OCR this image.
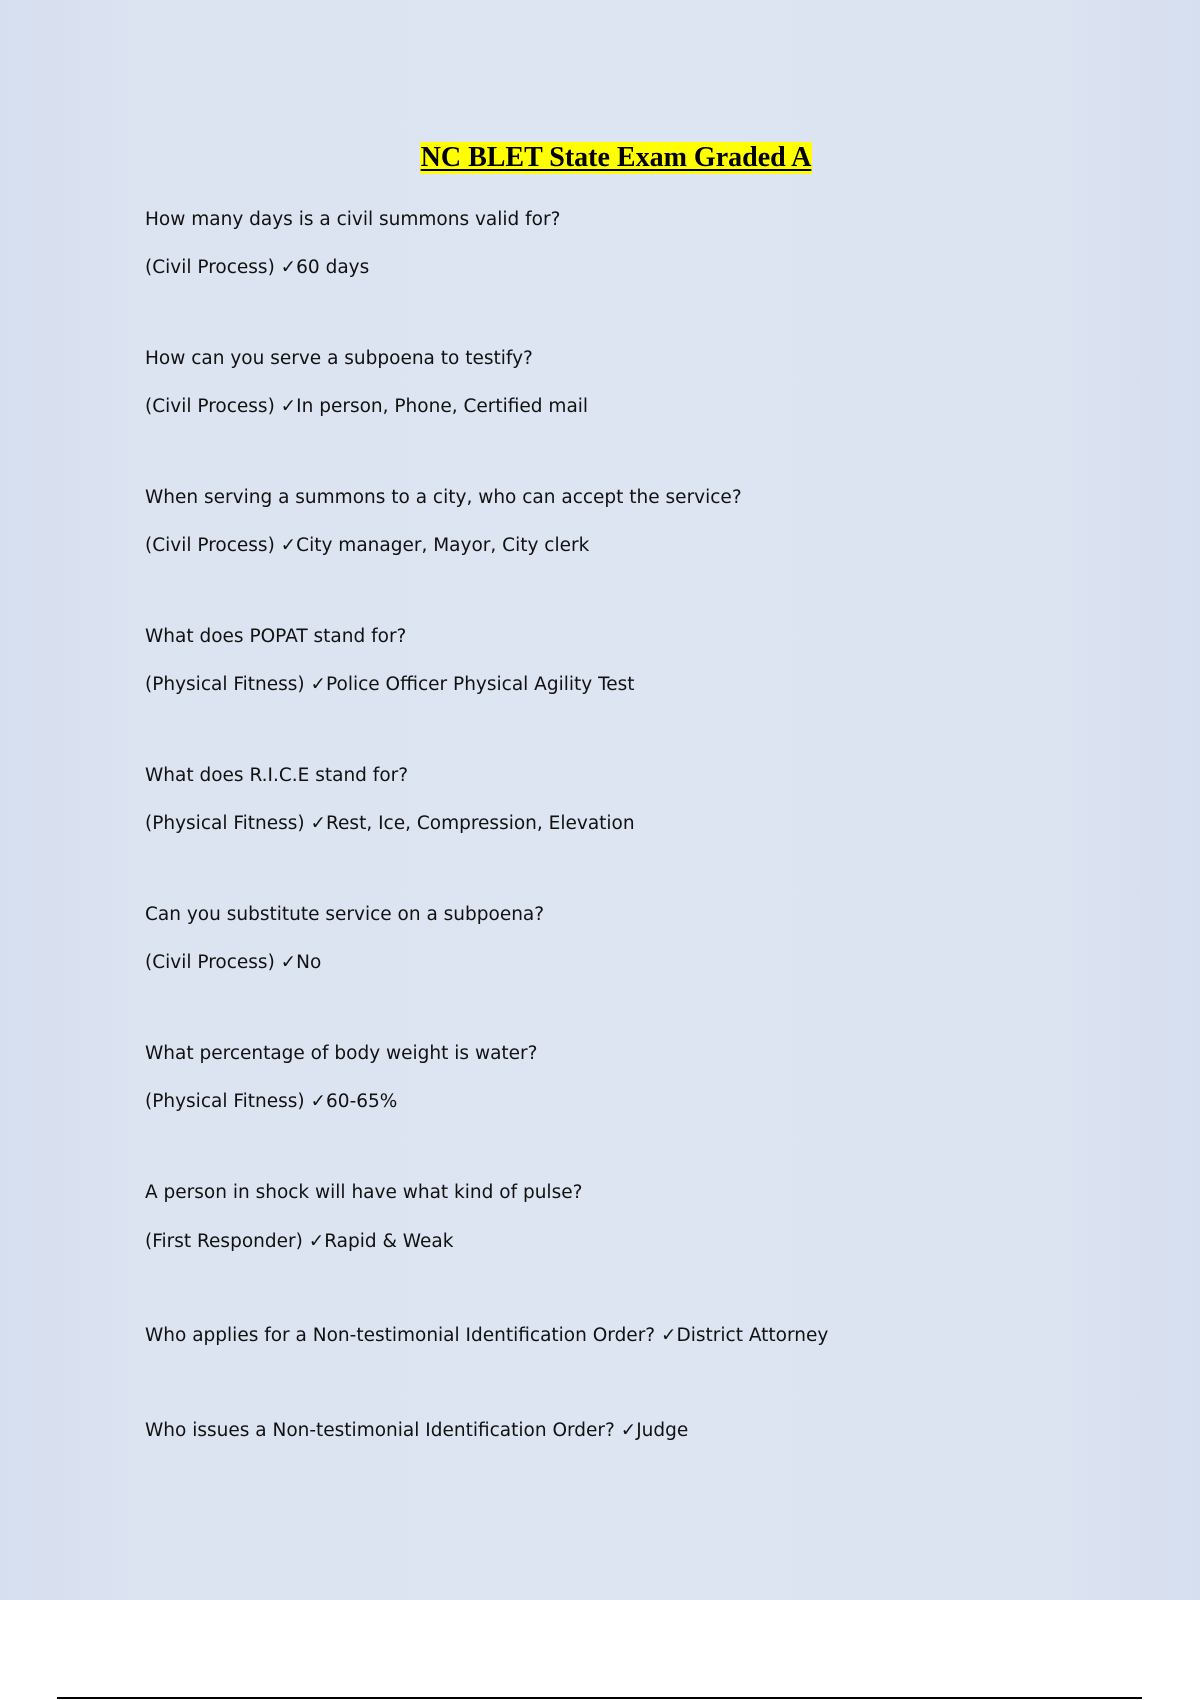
NC BLET State Exam Graded A
How many days is a civil summons valid for?
(Civil Process) ✓60 days
How can you serve a subpoena to testify?
(Civil Process) ✓In person, Phone, Certified mail
When serving a summons to a city, who can accept the service?
(Civil Process) ✓City manager, Mayor, City clerk
What does POPAT stand for?
(Physical Fitness) ✓Police Officer Physical Agility Test
What does R.I.C.E stand for?
(Physical Fitness) ✓Rest, Ice, Compression, Elevation
Can you substitute service on a subpoena?
(Civil Process) ✓No
What percentage of body weight is water?
(Physical Fitness) ✓60-65%
A person in shock will have what kind of pulse?
(First Responder) ✓Rapid & Weak
Who applies for a Non-testimonial Identification Order? ✓District Attorney
Who issues a Non-testimonial Identification Order? ✓Judge
